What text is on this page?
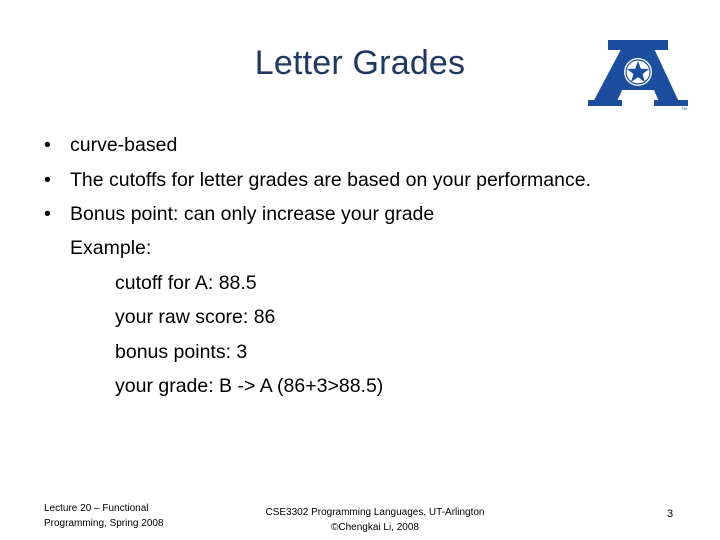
Letter Grades
TM
• curve-based
• The cutoffs for letter grades are based on your performance.
• Bonus point: can only increase your grade
Example:
cutoff for A: 88.5
your raw score: 86
bonus points: 3
your grade: B -> A (86+3>88.5)
Lecture 20 – Functional
Programming, Spring 2008
CSE3302 Programming Languages, UT-Arlington
©Chengkai Li, 2008
3
